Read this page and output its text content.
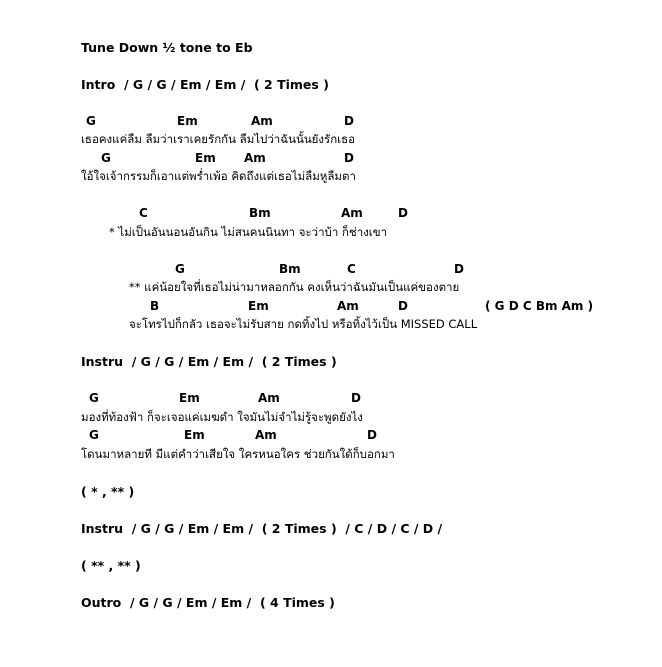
Tune Down ½ tone to Eb
Intro  / G / G / Em / Em /  ( 2 Times )
G	Em	Am	D
เธอคงแค่ลืม ลืมว่าเราเคยรักกัน ลืมไปว่าฉันนั้นยังรักเธอ
G	Em Am	D
ใอ้ใจเจ้ากรรมก็เอาแต่พร่ำเพ้อ คิดถึงแต่เธอไม่ลืมหูลืมตา
C	Bm	Am	D
* ไม่เป็นอันนอนอันกิน ไม่สนคนนินทา จะว่าบ้า ก็ช่างเขา
G	Bm	C	D
** แค่น้อยใจที่เธอไม่น่ามาหลอกกัน คงเห็นว่าฉันมันเป็นแค่ของตาย
B	Em	Am	D	( G D C Bm Am )
จะโทรไปก็กลัว เธอจะไม่รับสาย กดทิ้งไป หรือทิ้งไว้เป็น MISSED CALL
Instru  / G / G / Em / Em /  ( 2 Times )
G	Em	Am	D
มองที่ท้องฟ้า ก็จะเจอแค่เมฆดำ ใจมันไม่จำไม่รู้จะพูดยังไง
G	Em	Am	D
โดนมาหลายที มีแต่คำว่าเสียใจ ใครหนอใคร ช่วยกันใด้ก็บอกมา
( * , ** )
Instru  / G / G / Em / Em /  ( 2 Times )  / C / D / C / D /
( ** , ** )
Outro  / G / G / Em / Em /  ( 4 Times )
